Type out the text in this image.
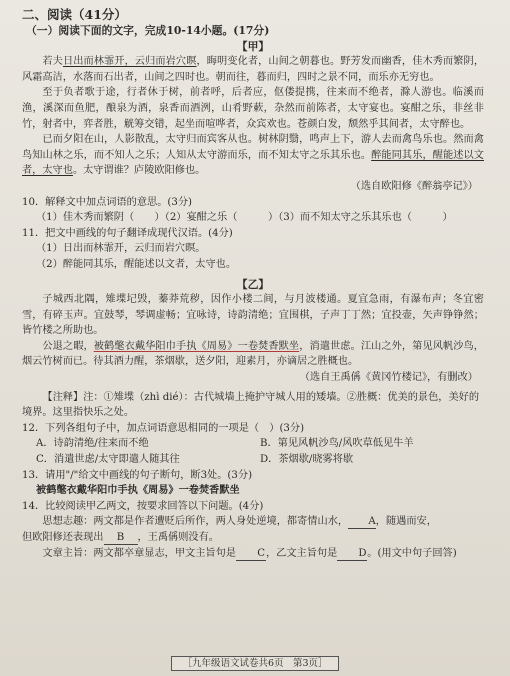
二、阅读（41分）

（一）阅读下面的文字，完成10-14小题。(17分)

【甲】

若夫日出而林霏开，云归而岩穴暝，晦明变化者，山间之朝暮也。野芳发而幽香，佳木秀而繁阴，风霜高洁，水落而石出者，山间之四时也。朝而往，暮而归，四时之景不同，而乐亦无穷也。

至于负者歌于途，行者休于树，前者呼，后者应，伛偻提携，往来而不绝者，滁人游也。临溪而渔，溪深而鱼肥，酿泉为酒，泉香而酒洌，山肴野蔌，杂然而前陈者，太守宴也。宴酣之乐，非丝非竹，射者中，弈者胜，觥筹交错，起坐而喧哗者，众宾欢也。苍颜白发，颓然乎其间者，太守醉也。

已而夕阳在山，人影散乱，太守归而宾客从也。树林阴翳，鸣声上下，游人去而禽鸟乐也。然而禽鸟知山林之乐，而不知人之乐；人知从太守游而乐，而不知太守之乐其乐也。醉能同其乐，醒能述以文者，太守也。太守谓谁？庐陵欧阳修也。

（选自欧阳修《醉翁亭记》）

10．解释文中加点词语的意思。(3分)

（1）佳木秀而繁阴（　　）（2）宴酣之乐（　　　）（3）而不知太守之乐其乐也（　　　）

11．把文中画线的句子翻译成现代汉语。(4分)

（1）日出而林霏开，云归而岩穴暝。

（2）醉能同其乐，醒能述以文者，太守也。

【乙】

子城西北隅，雉堞圮毁，蓁莽荒秽，因作小楼二间，与月波楼通。夏宜急雨，有瀑布声；冬宜密雪，有碎玉声。宜鼓琴，琴调虚畅；宜咏诗，诗韵清绝；宜围棋，子声丁丁然；宜投壶，矢声铮铮然；皆竹楼之所助也。

公退之暇，被鹤氅衣戴华阳巾手执《周易》一卷焚香默坐，消遣世虑。江山之外，第见风帆沙鸟，烟云竹树而已。待其酒力醒，茶烟歇，送夕阳，迎素月，亦谪居之胜概也。

（选自王禹偁《黄冈竹楼记》，有删改）

【注释】注：①雉堞（zhì dié）：古代城墙上掩护守城人用的矮墙。②胜概：优美的景色，美好的境界。这里指快乐之处。

12．下列各组句子中，加点词语意思相同的一项是（　）(3分)

A．诗韵清绝/往来而不绝	B．第见风帆沙鸟/风吹草低见牛羊
C．消遣世虑/太守即遣人随其往	D．茶烟歇/晓雾将歇

13．请用"/"给文中画线的句子断句，断3处。(3分)

被鹤氅衣戴华阳巾手执《周易》一卷焚香默坐

14．比较阅读甲乙两文，按要求回答以下问题。(4分)

思想志趣：两文都是作者遭贬后所作，两人身处逆境，都寄情山水， A，随遇而安，

但欧阳修还表现出 B ，王禹偁则没有。

文章主旨：两文都卒章显志，甲文主旨句是 C，乙文主旨句是 D。(用文中句子回答)

［九年级语文试卷共6页　第3页］
